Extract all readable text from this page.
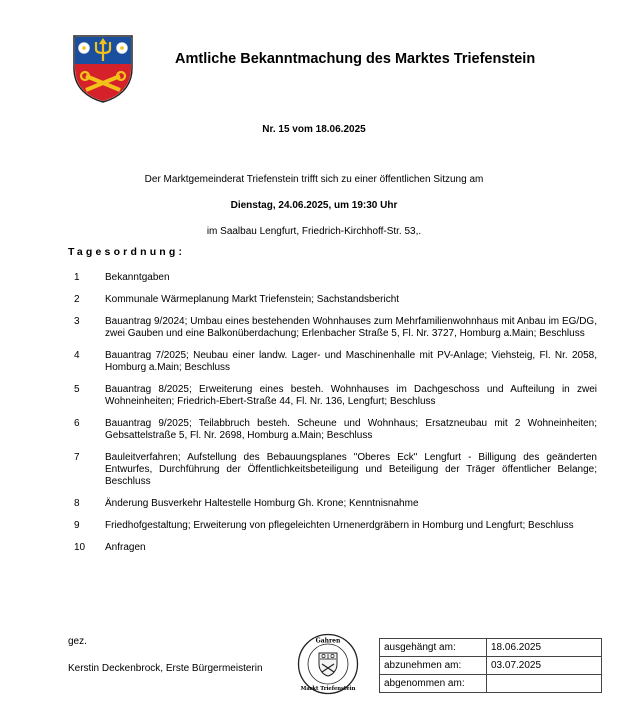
Amtliche Bekanntmachung des Marktes Triefenstein
Nr. 15 vom 18.06.2025
Der Marktgemeinderat Triefenstein trifft sich zu einer öffentlichen Sitzung am
Dienstag, 24.06.2025, um 19:30 Uhr
im Saalbau Lengfurt, Friedrich-Kirchhoff-Str. 53,.
Tagesordnung:
1	Bekanntgaben
2	Kommunale Wärmeplanung Markt Triefenstein; Sachstandsbericht
3	Bauantrag 9/2024; Umbau eines bestehenden Wohnhauses zum Mehrfamilienwohnhaus mit Anbau im EG/DG, zwei Gauben und eine Balkonüberdachung; Erlenbacher Straße 5, Fl. Nr. 3727, Homburg a.Main; Beschluss
4	Bauantrag 7/2025; Neubau einer landw. Lager- und Maschinenhalle mit PV-Anlage; Viehsteig, Fl. Nr. 2058, Homburg a.Main; Beschluss
5	Bauantrag 8/2025; Erweiterung eines besteh. Wohnhauses im Dachgeschoss und Aufteilung in zwei Wohneinheiten; Friedrich-Ebert-Straße 44, Fl. Nr. 136, Lengfurt; Beschluss
6	Bauantrag 9/2025; Teilabbruch besteh. Scheune und Wohnhaus; Ersatzneubau mit 2 Wohneinheiten; Gebsattelstraße 5, Fl. Nr. 2698, Homburg a.Main; Beschluss
7	Bauleitverfahren; Aufstellung des Bebauungsplanes "Oberes Eck" Lengfurt - Billigung des geänderten Entwurfes, Durchführung der Öffentlichkeitsbeteiligung und Beteiligung der Träger öffentlicher Belange; Beschluss
8	Änderung Busverkehr Haltestelle Homburg Gh. Krone; Kenntnisnahme
9	Friedhofgestaltung; Erweiterung von pflegeleichten Urnenerdgräbern in Homburg und Lengfurt; Beschluss
10	Anfragen
gez.
Kerstin Deckenbrock, Erste Bürgermeisterin
Gahren
Markt Triefenstein
ausgehängt am:	18.06.2025
abzunehmen am:	03.07.2025
abgenommen am:	
